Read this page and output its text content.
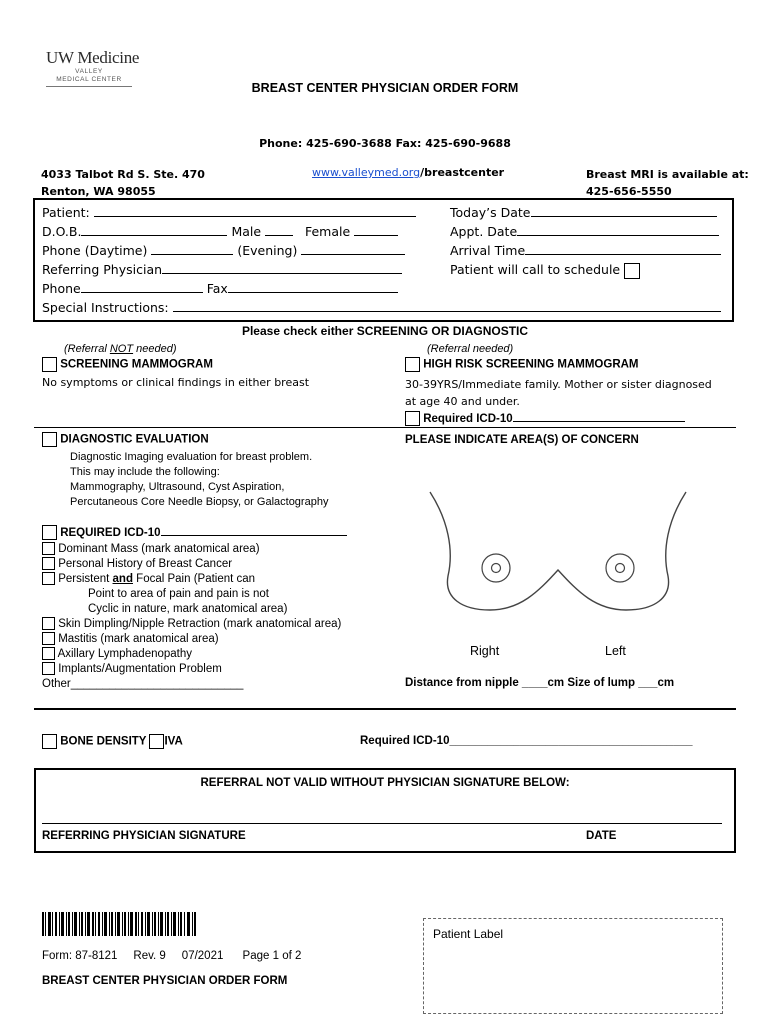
UW Medicine
VALLEY
MEDICAL CENTER
BREAST CENTER PHYSICIAN ORDER FORM
Phone: 425-690-3688 Fax: 425-690-9688
4033 Talbot Rd S. Ste. 470
Renton, WA 98055
www.valleymed.org/breastcenter	Breast MRI is available at:
425-656-5550
Patient:
D.O.B.	Male	Female
Phone (Daytime)	(Evening)
Referring Physician
Phone	Fax
Special Instructions:
Today’s Date
Appt. Date
Arrival Time
Patient will call to schedule
Please check either SCREENING OR DIAGNOSTIC
(Referral NOT needed)
SCREENING MAMMOGRAM
No symptoms or clinical findings in either breast
(Referral needed)
HIGH RISK SCREENING MAMMOGRAM
30-39YRS/Immediate family. Mother or sister diagnosed
at age 40 and under.
Required ICD-10
DIAGNOSTIC EVALUATION
Diagnostic Imaging evaluation for breast problem.
This may include the following:
Mammography, Ultrasound, Cyst Aspiration,
Percutaneous Core Needle Biopsy, or Galactography
REQUIRED ICD-10
Dominant Mass (mark anatomical area)
Personal History of Breast Cancer
Persistent and Focal Pain (Patient can
Point to area of pain and pain is not
Cyclic in nature, mark anatomical area)
Skin Dimpling/Nipple Retraction (mark anatomical area)
Mastitis (mark anatomical area)
Axillary Lymphadenopathy
Implants/Augmentation Problem
Other___________________________
PLEASE INDICATE AREA(S) OF CONCERN
Right	Left
Distance from nipple ____cm Size of lump ___cm
BONE DENSITY IVA	Required ICD-10______________________________________
REFERRAL NOT VALID WITHOUT PHYSICIAN SIGNATURE BELOW:
REFERRING PHYSICIAN SIGNATURE	DATE
Form: 87-8121 Rev. 9 07/2021 Page 1 of 2
BREAST CENTER PHYSICIAN ORDER FORM
Patient Label
